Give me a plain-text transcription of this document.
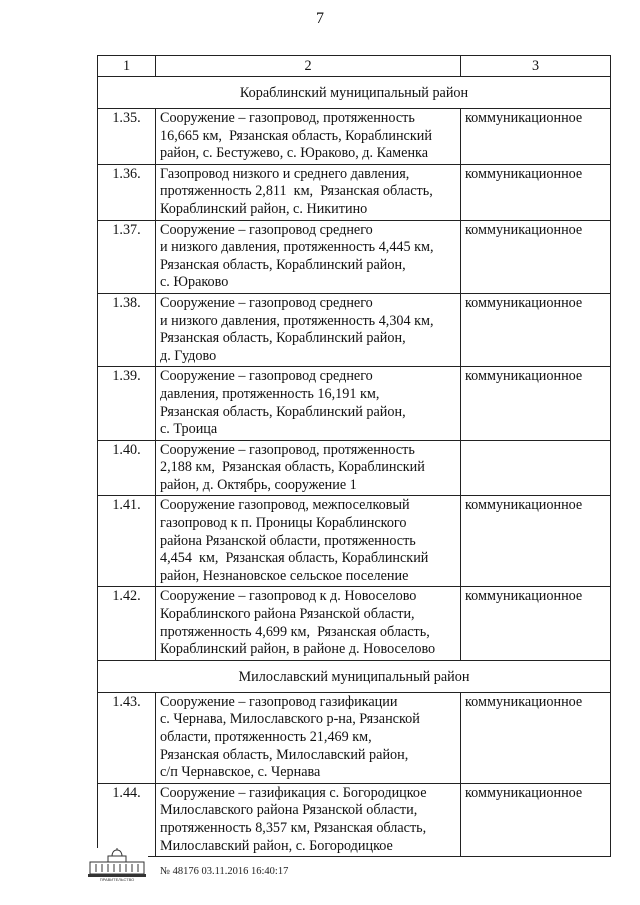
7
1	2	3
Кораблинский муниципальный район		
1.35.	Сооружение – газопровод, протяженность
16,665 км,  Рязанская область, Кораблинский
район, с. Бестужево, с. Юраково, д. Каменка	коммуникационное
1.36.	Газопровод низкого и среднего давления,
протяженность 2,811  км,  Рязанская область,
Кораблинский район, с. Никитино	коммуникационное
1.37.	Сооружение – газопровод среднего
и низкого давления, протяженность 4,445 км,
Рязанская область, Кораблинский район,
с. Юраково	коммуникационное
1.38.	Сооружение – газопровод среднего
и низкого давления, протяженность 4,304 км,
Рязанская область, Кораблинский район,
д. Гудово	коммуникационное
1.39.	Сооружение – газопровод среднего
давления, протяженность 16,191 км,
Рязанская область, Кораблинский район,
с. Троица	коммуникационное
1.40.	Сооружение – газопровод, протяженность
2,188 км,  Рязанская область, Кораблинский
район, д. Октябрь, сооружение 1	

1.41.	Сооружение газопровод, межпоселковый
газопровод к п. Проницы Кораблинского
района Рязанской области, протяженность
4,454  км,  Рязанская область, Кораблинский
район, Незнановское сельское поселение	коммуникационное
1.42.	Сооружение – газопровод к д. Новоселово
Кораблинского района Рязанской области,
протяженность 4,699 км,  Рязанская область,
Кораблинский район, в районе д. Новоселово	коммуникационное
Милославский муниципальный район		
1.43.	Сооружение – газопровод газификации
с. Чернава, Милославского р-на, Рязанской
области, протяженность 21,469 км,
Рязанская область, Милославский район,
с/п Чернавское, с. Чернава	коммуникационное
1.44.	Сооружение – газификация с. Богородицкое
Милославского района Рязанской области,
протяженность 8,357 км, Рязанская область,
Милославский район, с. Богородицкое	коммуникационное
ПРАВИТЕЛЬСТВО
№ 48176 03.11.2016 16:40:17
